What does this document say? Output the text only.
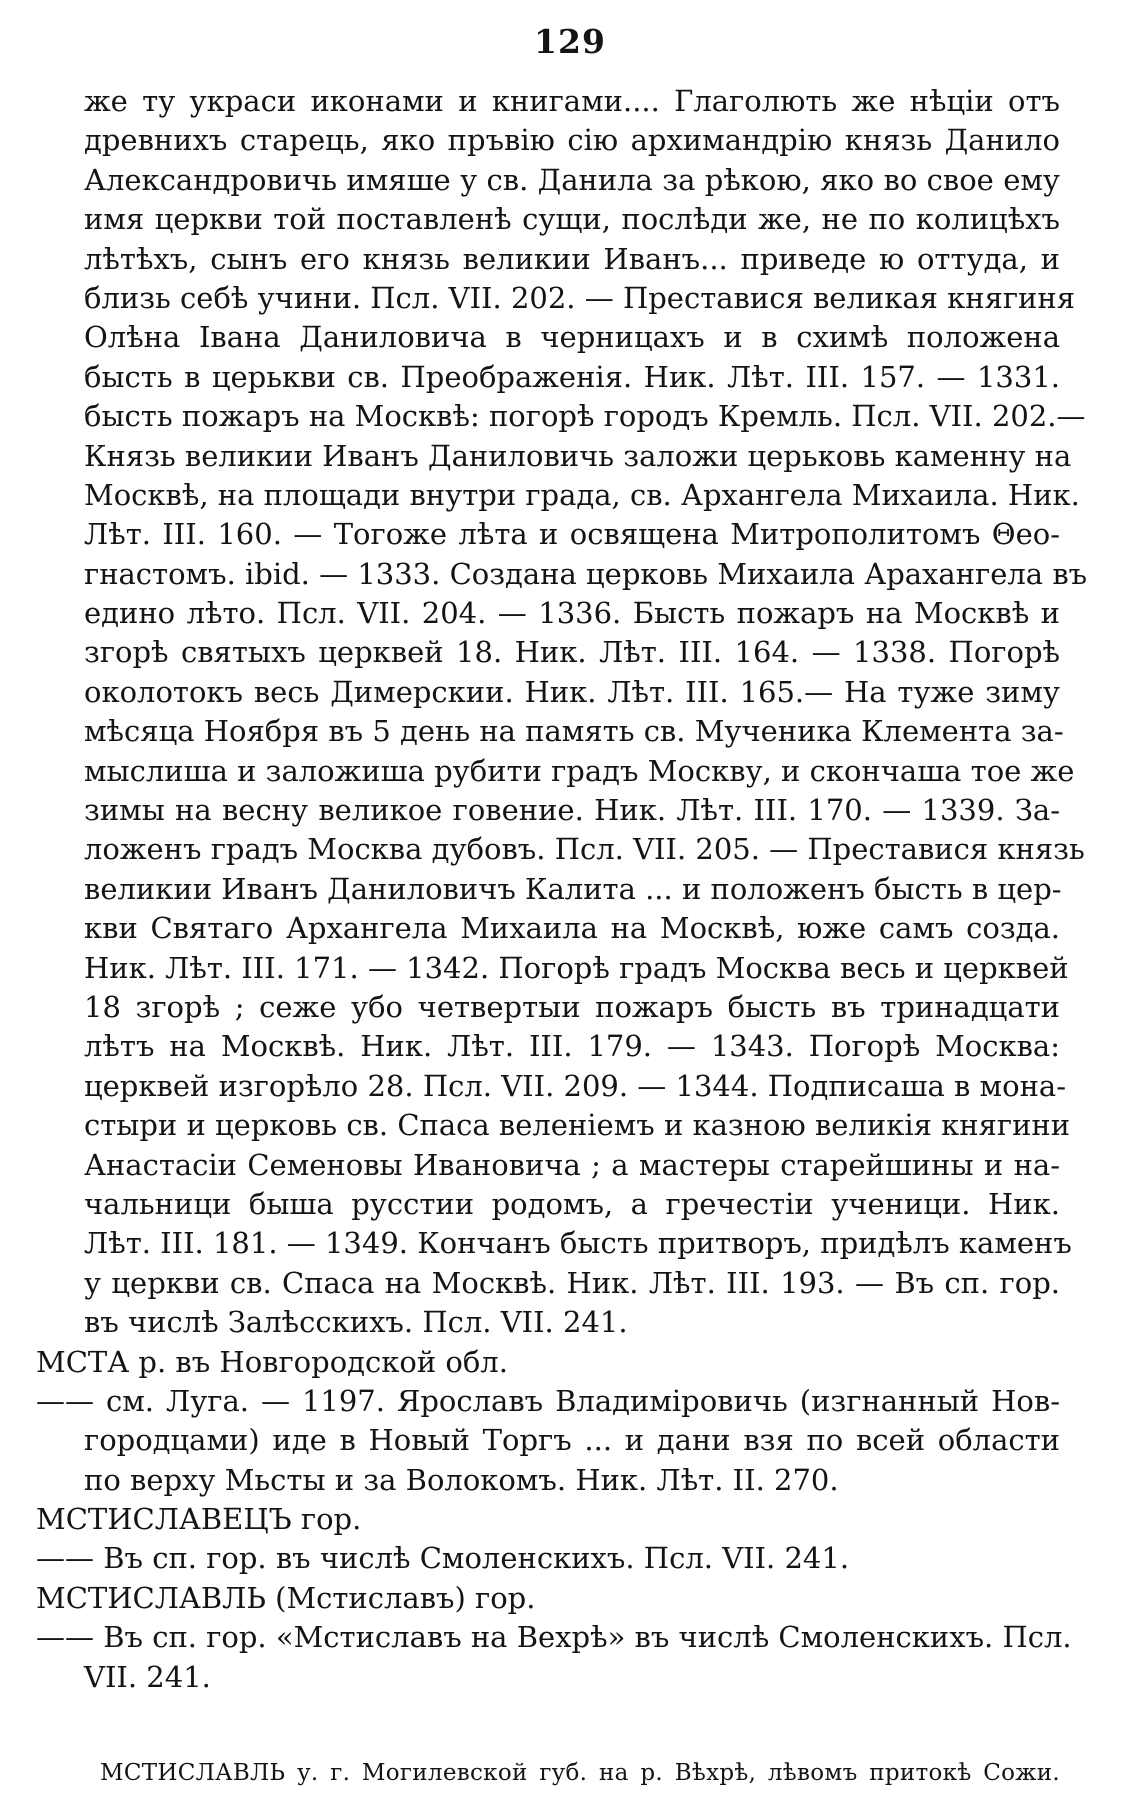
129
же ту украси иконами и книгами.... Глаголють же нѣціи отъ
древнихъ старець, яко пръвію сію архимандрію князь Данило
Александровичь имяше у св. Данила за рѣкою, яко во свое ему
имя церкви той поставленѣ сущи, послѣди же, не по колицѣхъ
лѣтѣхъ, сынъ его князь великии Иванъ... приведе ю оттуда, и
близь себѣ учини. Псл. VII. 202. — Преставися великая княгиня
Олѣна Івана Даниловича в черницахъ и в схимѣ положена
бысть в церькви св. Преображенія. Ник. Лѣт. III. 157. — 1331.
бысть пожаръ на Москвѣ: погорѣ городъ Кремль. Псл. VII. 202.—
Князь великии Иванъ Даниловичь заложи церьковь каменну на
Москвѣ, на площади внутри града, св. Архангела Михаила. Ник.
Лѣт. III. 160. — Тогоже лѣта и освящена Митрополитомъ Θео-
гнастомъ. ibid. — 1333. Создана церковь Михаила Арахангела въ
едино лѣто. Псл. VII. 204. — 1336. Бысть пожаръ на Москвѣ и
згорѣ святыхъ церквей 18. Ник. Лѣт. III. 164. — 1338. Погорѣ
околотокъ весь Димерскии. Ник. Лѣт. III. 165.— На туже зиму
мѣсяца Ноября въ 5 день на память св. Мученика Клемента за-
мыслиша и заложиша рубити градъ Москву, и скончаша тое же
зимы на весну великое говение. Ник. Лѣт. III. 170. — 1339. За-
ложенъ градъ Москва дубовъ. Псл. VII. 205. — Преставися князь
великии Иванъ Даниловичъ Калита ... и положенъ бысть в цер-
кви Святаго Архангела Михаила на Москвѣ, юже самъ созда.
Ник. Лѣт. III. 171. — 1342. Погорѣ градъ Москва весь и церквей
18 згорѣ ; сеже убо четвертыи пожаръ бысть въ тринадцати
лѣтъ на Москвѣ. Ник. Лѣт. III. 179. — 1343. Погорѣ Москва:
церквей изгорѣло 28. Псл. VII. 209. — 1344. Подписаша в мона-
стыри и церковь св. Спаса веленіемъ и казною великія княгини
Анастасіи Семеновы Ивановича ; а мастеры старейшины и на-
чальници быша русстии родомъ, а гречестіи ученици. Ник.
Лѣт. III. 181. — 1349. Кончанъ бысть притворъ, придѣлъ каменъ
у церкви св. Спаса на Москвѣ. Ник. Лѣт. III. 193. — Въ сп. гор.
въ числѣ Залѣсскихъ. Псл. VII. 241.
МСТА р. въ Новгородской обл.
—— см. Луга. — 1197. Ярославъ Владимiровичь (изгнанный Нов-
городцами) иде в Новый Торгъ ... и дани взя по всей области
по верху Мьсты и за Волокомъ. Ник. Лѣт. II. 270.
МСТИСЛАВЕЦЪ гор.
—— Въ сп. гор. въ числѣ Смоленскихъ. Псл. VII. 241.
МСТИСЛАВЛЬ (Мстиславъ) гор.
—— Въ сп. гор. «Мстиславъ на Вехрѣ» въ числѣ Смоленскихъ. Псл.
VII. 241.
МСТИСЛАВЛЬ у. г. Могилевской губ. на р. Вѣхрѣ, лѣвомъ притокѣ Сожи.
